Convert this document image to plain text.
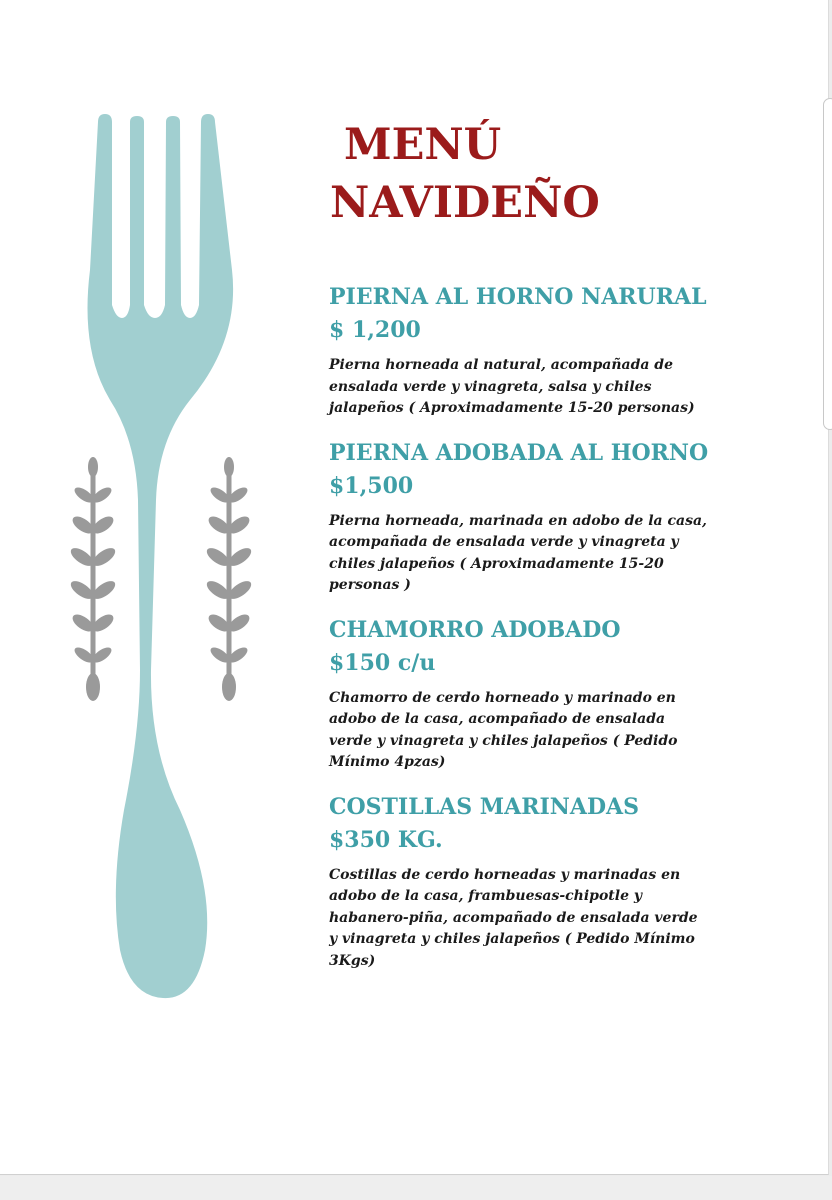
MENÚ
NAVIDEÑO
PIERNA AL HORNO NARURAL
$ 1,200

Pierna horneada al natural, acompañada de ensalada verde y vinagreta, salsa y chiles jalapeños ( Aproximadamente 15-20 personas)

PIERNA ADOBADA AL HORNO
$1,500

Pierna horneada, marinada en adobo de la casa, acompañada de ensalada verde y vinagreta y chiles jalapeños ( Aproximadamente 15-20 personas )

CHAMORRO ADOBADO
$150 c/u

Chamorro de cerdo horneado y marinado en adobo de la casa, acompañado de ensalada verde y vinagreta y chiles jalapeños ( Pedido Mínimo 4pzas)

COSTILLAS MARINADAS
$350 KG.

Costillas de cerdo horneadas y marinadas en adobo de la casa, frambuesas-chipotle y habanero-piña, acompañado de ensalada verde y vinagreta y chiles jalapeños ( Pedido Mínimo 3Kgs)
